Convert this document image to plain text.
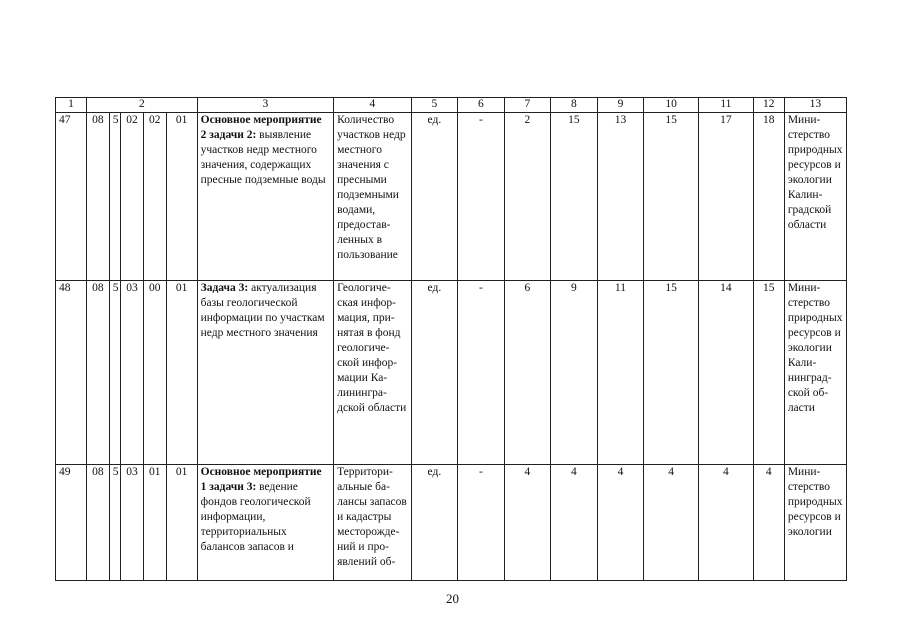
1	2					3	4	5	6	7	8	9	10	11	12	13
47	08	5	02	02	01	Основное мероприятие 2 задачи 2: выявление участков недр местного значения, содержащих пресные подземные воды	Количество участков недр местного значения с пресными подземными водами, предоставленных в пользование	ед.	-	2	15	13	15	17	18	Министерство природных ресурсов и экологии Калинградской области
48	08	5	03	00	01	Задача 3: актуализация базы геологической информации по участкам недр местного значения	Геологическая информация, принятая в фонд геологической информации Калининградской области	ед.	-	6	9	11	15	14	15	Министерство природных ресурсов и экологии Калининградской области
49	08	5	03	01	01	Основное мероприятие 1 задачи 3: ведение фондов геологической информации, территориальных балансов запасов и	Территориальные балансы запасов и кадастры месторождений и проявлений об-	ед.	-	4	4	4	4	4	4	Министерство природных ресурсов и экологии
20
